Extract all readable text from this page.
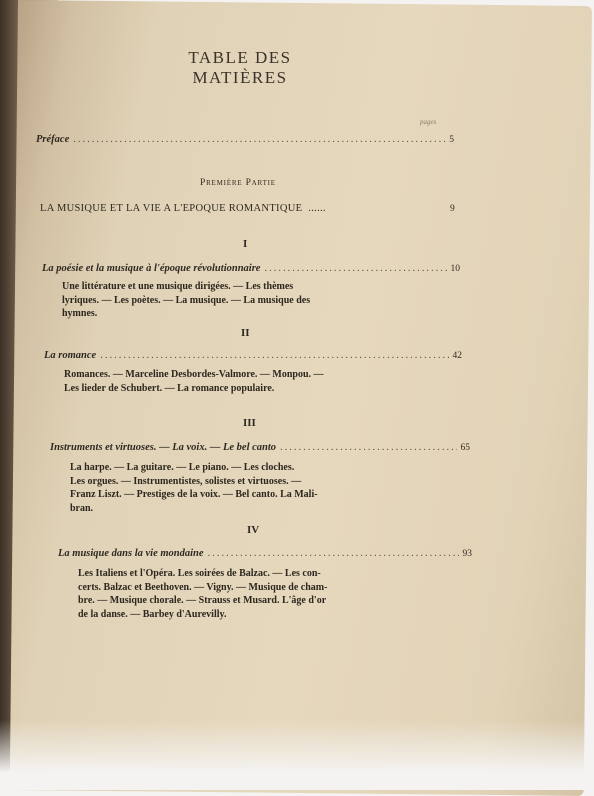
TABLE DES MATIÈRES
pages
Préface .....	5
Première Partie
LA MUSIQUE ET LA VIE A L'EPOQUE ROMANTIQUE ......	9
I
La poésie et la musique à l'époque révolutionnaire .....	10
Une littérature et une musique dirigées. — Les thèmes
lyriques. — Les poètes. — La musique. — La musique des
hymnes.
II
La romance .....	42
Romances. — Marceline Desbordes-Valmore. — Monpou. —
Les lieder de Schubert. — La romance populaire.
III
Instruments et virtuoses. — La voix. — Le bel canto .....	65
La harpe. — La guitare. — Le piano. — Les cloches.
Les orgues. — Instrumentistes, solistes et virtuoses. —
Franz Liszt. — Prestiges de la voix. — Bel canto. La Mali-
bran.
IV
La musique dans la vie mondaine .....	93
Les Italiens et l'Opéra. Les soirées de Balzac. — Les con-
certs. Balzac et Beethoven. — Vigny. — Musique de cham-
bre. — Musique chorale. — Strauss et Musard. L'âge d'or
de la danse. — Barbey d'Aurevilly.
